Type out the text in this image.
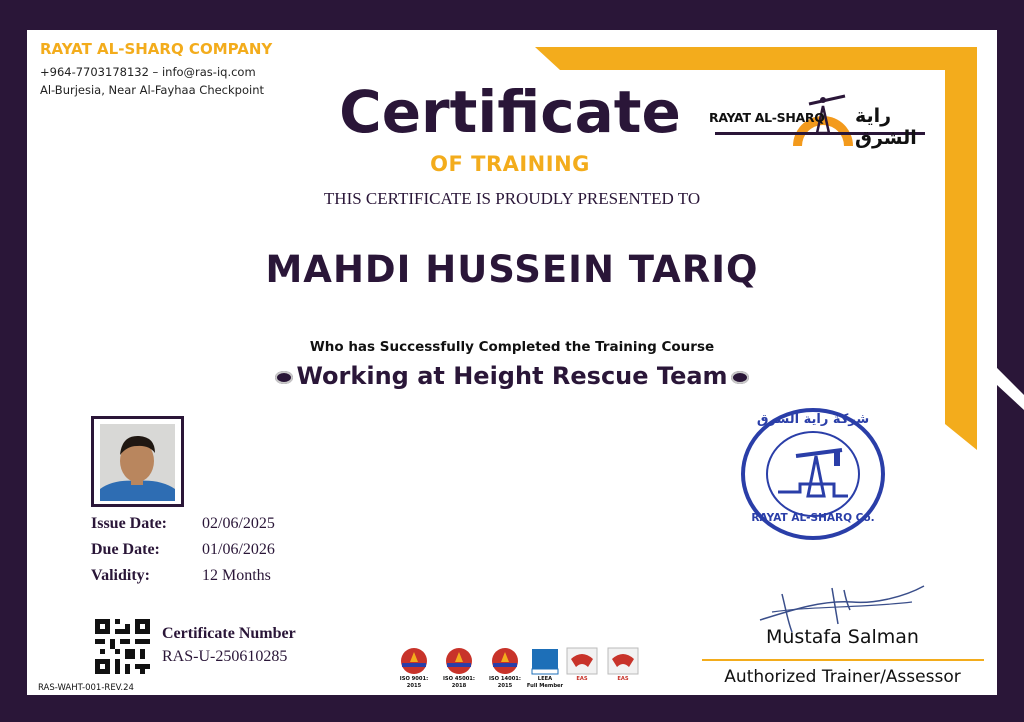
RAYAT AL-SHARQ COMPANY
+964-7703178132 – info@ras-iq.com
Al-Burjesia, Near Al-Fayhaa Checkpoint
RAYAT AL-SHARQ راية الشرق
Certificate
OF TRAINING
THIS CERTIFICATE IS PROUDLY PRESENTED TO
MAHDI HUSSEIN TARIQ
Who has Successfully Completed the Training Course
Working at Height Rescue Team
Issue Date: 02/06/2025
Due Date:	01/06/2026
Validity:	12 Months
Certificate Number
RAS-U-250610285
RAS-WAHT-001-REV.24
ISO 9001:
2015
ISO 45001:
2018
ISO 14001:
2015
LEEA
Full Member
EAS	EAS
شركة راية الشرق
RAYAT AL-SHARQ Co.
Mustafa Salman
Authorized Trainer/Assessor
